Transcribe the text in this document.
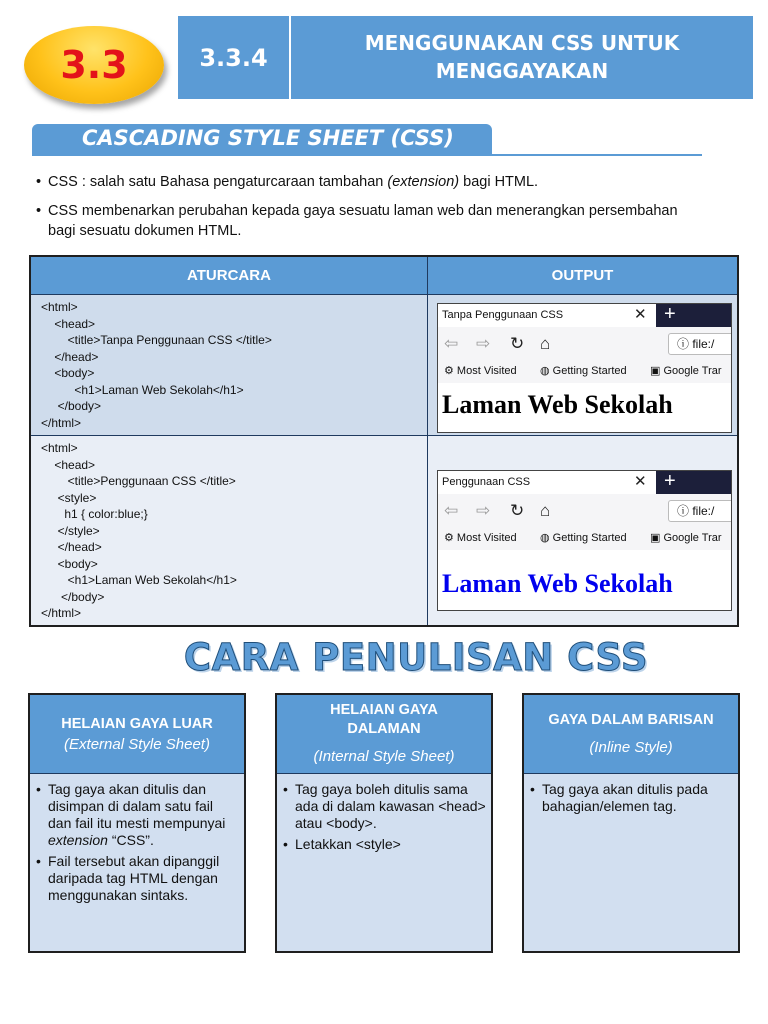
3.3	3.3.4
MENGGUNAKAN CSS UNTUK
MENGGAYAKAN
CASCADING STYLE SHEET (CSS)
• CSS : salah satu Bahasa pengaturcaraan tambahan (extension) bagi HTML.
• CSS membenarkan perubahan kepada gaya sesuatu laman web dan menerangkan persembahan bagi sesuatu dokumen HTML.
ATURCARA	OUTPUT
<html>
<head>
<title>Tanpa Penggunaan CSS </title>
</head>
<body>
<h1>Laman Web Sekolah</h1>
</body>
</html>
Tanpa Penggunaan CSS	✕ +
⇦ ⇨ ↻ ⌂	ⓘ file:/
⚙ Most Visited ◍ Getting Started ▣ Google Trar
Laman Web Sekolah
<html>
<head>
<title>Penggunaan CSS </title>
<style>
h1 { color:blue;}
</style>
</head>
<body>
<h1>Laman Web Sekolah</h1>
</body>
</html>
Penggunaan CSS	✕ +
⇦ ⇨ ↻ ⌂	ⓘ file:/
⚙ Most Visited ◍ Getting Started ▣ Google Trar
Laman Web Sekolah
CARA PENULISAN CSS
HELAIAN GAYA LUAR
(External Style Sheet)
• Tag gaya akan ditulis dan disimpan di dalam satu fail dan fail itu mesti mempunyai extension “CSS”.
• Fail tersebut akan dipanggil daripada tag HTML dengan menggunakan sintaks.
HELAIAN GAYA DALAMAN
(Internal Style Sheet)
• Tag gaya boleh ditulis sama ada di dalam kawasan <head> atau <body>.
• Letakkan <style>
GAYA DALAM BARISAN
(Inline Style)
• Tag gaya akan ditulis pada bahagian/elemen tag.
